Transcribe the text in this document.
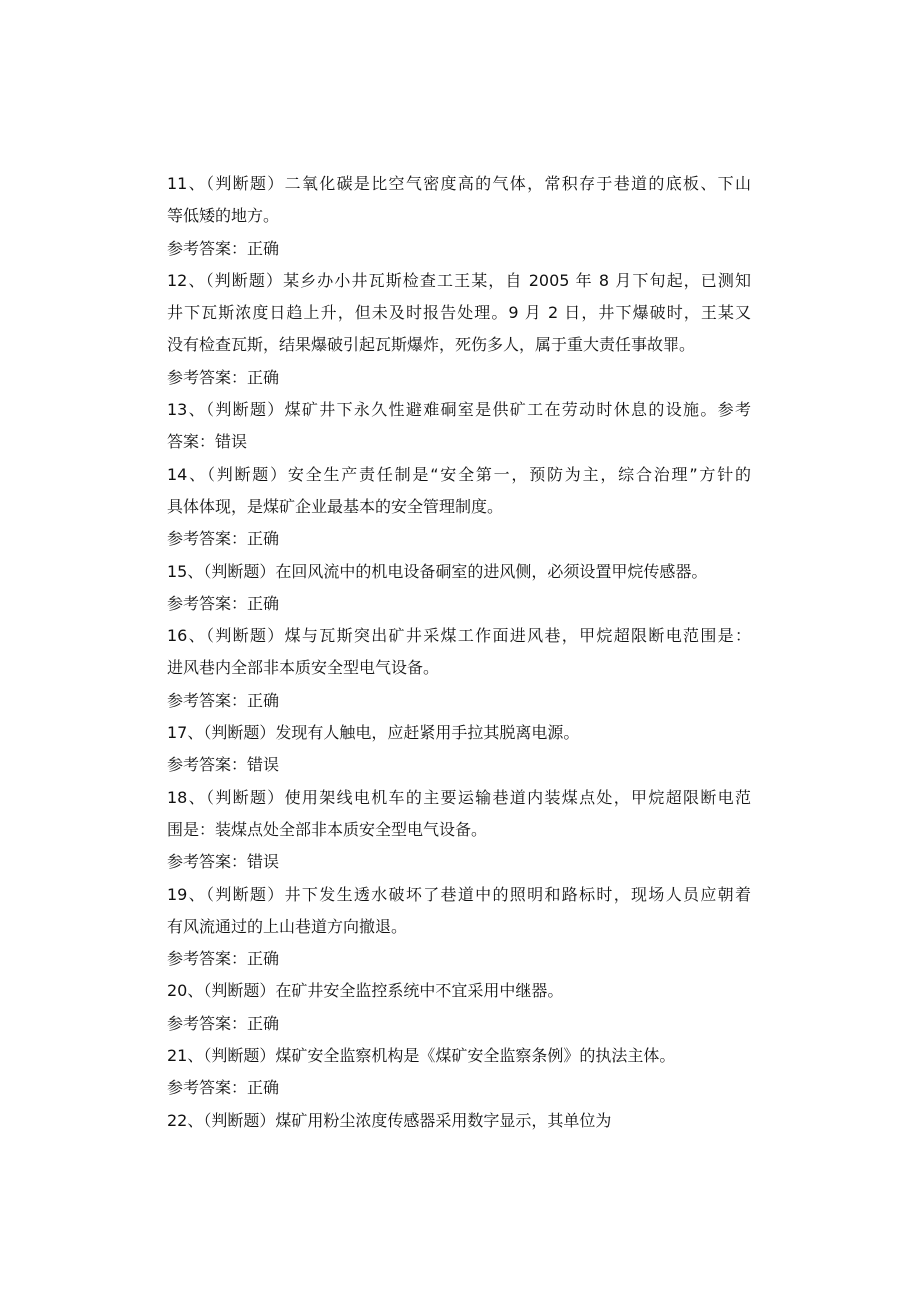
11、（判断题）二氧化碳是比空气密度高的气体，常积存于巷道的底板、下山
等低矮的地方。
参考答案：正确
12、（判断题）某乡办小井瓦斯检查工王某，自 2005 年 8 月下旬起，已测知
井下瓦斯浓度日趋上升，但未及时报告处理。9 月 2 日，井下爆破时，王某又
没有检查瓦斯，结果爆破引起瓦斯爆炸，死伤多人，属于重大责任事故罪。
参考答案：正确
13、（判断题）煤矿井下永久性避难硐室是供矿工在劳动时休息的设施。参考
答案：错误
14、（判断题）安全生产责任制是“安全第一，预防为主，综合治理”方针的
具体体现，是煤矿企业最基本的安全管理制度。
参考答案：正确
15、（判断题）在回风流中的机电设备硐室的进风侧，必须设置甲烷传感器。
参考答案：正确
16、（判断题）煤与瓦斯突出矿井采煤工作面进风巷，甲烷超限断电范围是：
进风巷内全部非本质安全型电气设备。
参考答案：正确
17、（判断题）发现有人触电，应赶紧用手拉其脱离电源。
参考答案：错误
18、（判断题）使用架线电机车的主要运输巷道内装煤点处，甲烷超限断电范
围是：装煤点处全部非本质安全型电气设备。
参考答案：错误
19、（判断题）井下发生透水破坏了巷道中的照明和路标时，现场人员应朝着
有风流通过的上山巷道方向撤退。
参考答案：正确
20、（判断题）在矿井安全监控系统中不宜采用中继器。
参考答案：正确
21、（判断题）煤矿安全监察机构是《煤矿安全监察条例》的执法主体。
参考答案：正确
22、（判断题）煤矿用粉尘浓度传感器采用数字显示，其单位为
